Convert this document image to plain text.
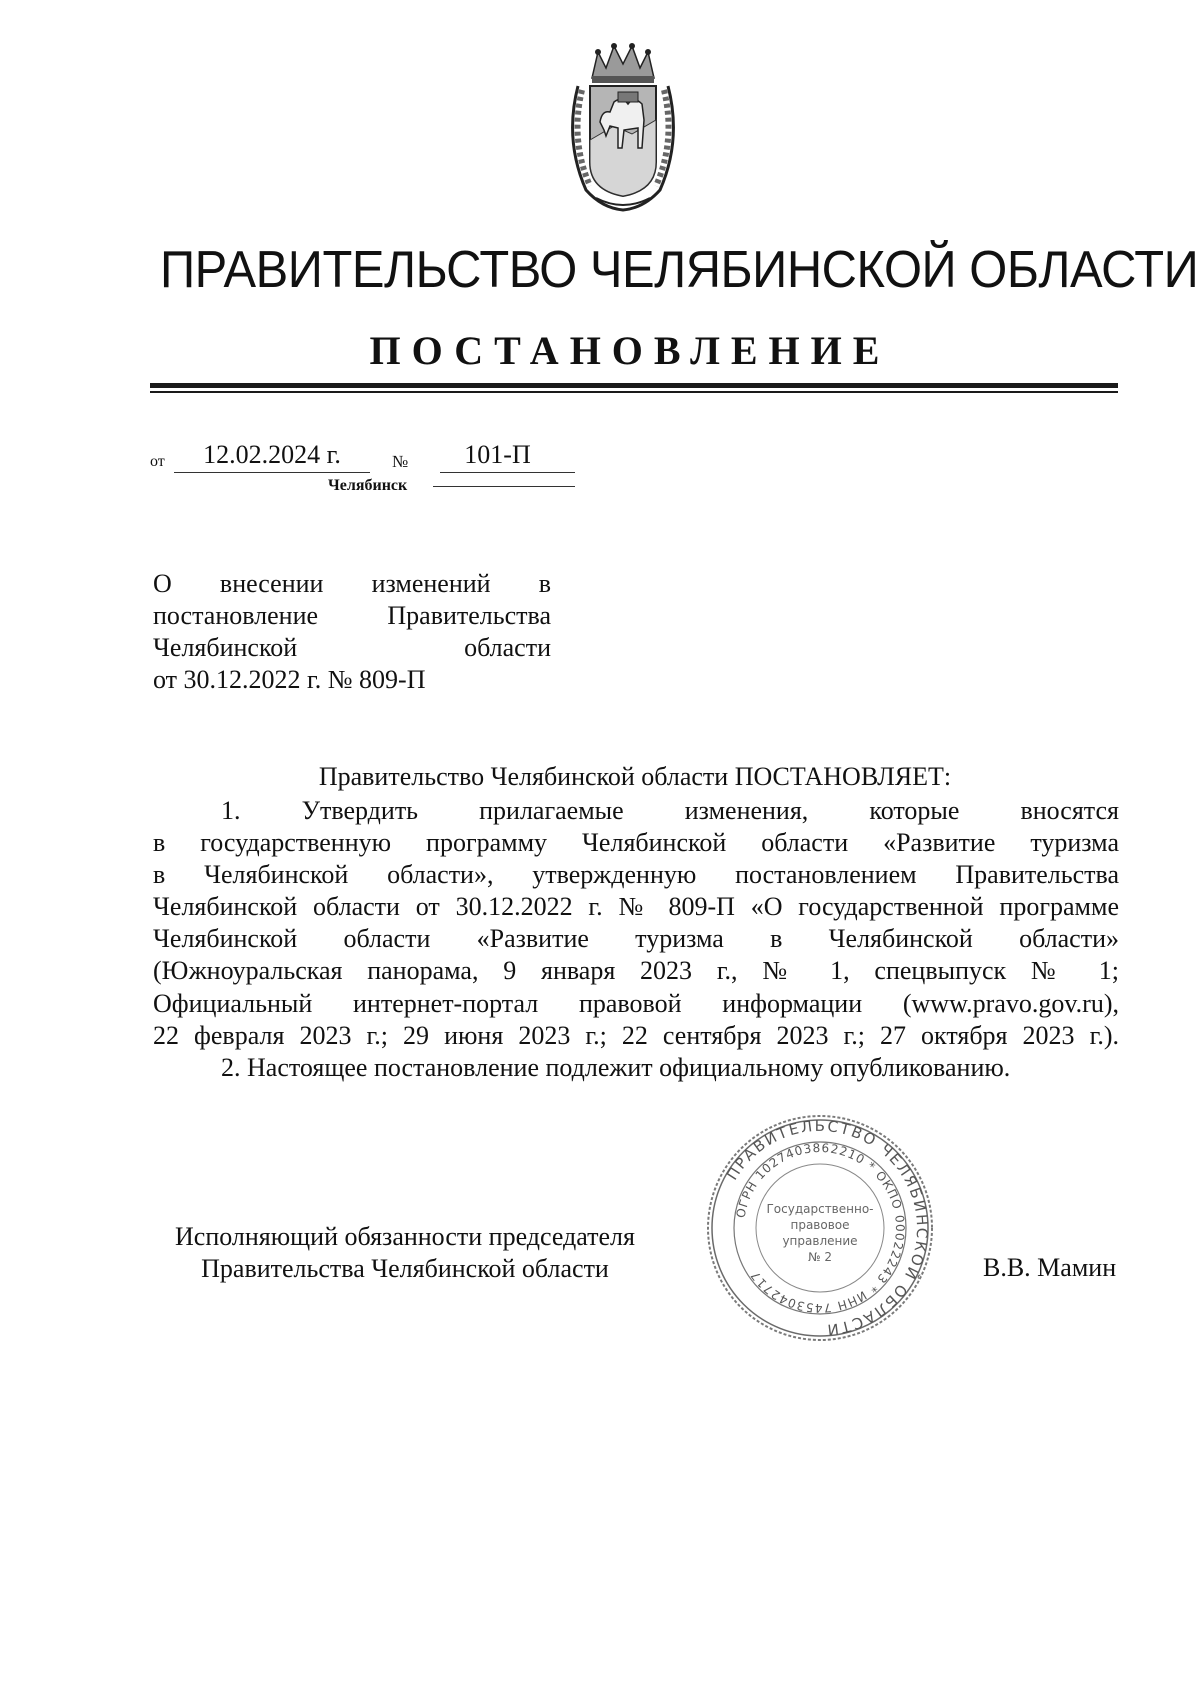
ПРАВИТЕЛЬСТВО ЧЕЛЯБИНСКОЙ ОБЛАСТИ
ПОСТАНОВЛЕНИЕ
от	12.02.2024 г.	№	101-П
Челябинск
О внесении изменений в
постановление Правительства
Челябинской области
от 30.12.2022 г. № 809-П
Правительство Челябинской области ПОСТАНОВЛЯЕТ:
1. Утвердить прилагаемые изменения, которые вносятся
в государственную программу Челябинской области «Развитие туризма
в Челябинской области», утвержденную постановлением Правительства
Челябинской области от 30.12.2022 г. № 809-П «О государственной программе
Челябинской области «Развитие туризма в Челябинской области»
(Южноуральская панорама, 9 января 2023 г., № 1, спецвыпуск № 1;
Официальный интернет-портал правовой информации (www.pravo.gov.ru),
22 февраля 2023 г.; 29 июня 2023 г.; 22 сентября 2023 г.; 27 октября 2023 г.).
2. Настоящее постановление подлежит официальному опубликованию.
Исполняющий обязанности председателя
Правительства Челябинской области	В.В. Мамин
ПРАВИТЕЛЬСТВО ЧЕЛЯБИНСКОЙ ОБЛАСТИ
ОГРН 1027403862210 * ОКПО 00022243 * ИНН 7453042717
Государственно-
правовое
управление
№ 2
